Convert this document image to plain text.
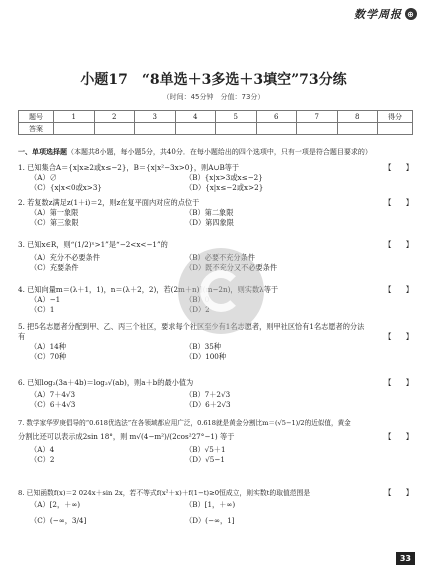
数学周报 ⊕
小题17　“8单选＋3多选＋3填空”73分练
（时间：45分钟　分值：73分）
题号	1	2	3	4	5	6	7	8	得分
答案									
一、单项选择题（本题共8小题，每小题5分，共40分．在每小题给出的四个选项中，只有一项是符合题目要求的）
1. 已知集合A＝{x|x≥2或x≤−2}，B＝{x|x²−3x>0}，则A∪B等于	【　　】
（A）∅	（B）{x|x>3或x≤−2}
（C）{x|x<0或x>3}	（D）{x|x≤−2或x>2}
2. 若复数z满足z(1＋i)＝2，则z在复平面内对应的点位于	【　　】
（A）第一象限	（B）第二象限
（C）第三象限	（D）第四象限
3. 已知x∈R，则“(1/2)ˣ>1”是“−2<x<−1”的	【　　】
（A）充分不必要条件	（B）必要不充分条件
（C）充要条件	（D）既不充分又不必要条件
4. 已知向量m＝(λ＋1，1)，n＝(λ＋2，2)，若(2m＋n)∥(m−2n)，则实数λ等于	【　　】
（A）−1	（B）0
（C）1	（D）2
5. 把5名志愿者分配到甲、乙、丙三个社区，要求每个社区至少有1名志愿者，则甲社区恰有1名志愿者的分法
有	【　　】
（A）14种	（B）35种
（C）70种	（D）100种
6. 已知log₂(3a＋4b)＝log₂√(ab)，则a＋b的最小值为	【　　】
（A）7＋4√3	（B）7＋2√3
（C）6＋4√3	（D）6＋2√3
7. 数学家华罗庚倡导的“0.618优选法”在各领域都应用广泛，0.618就是黄金分割比m＝(√5−1)/2的近似值，黄金
分割比还可以表示成2sin 18°，则 m√(4−m²)/(2cos²27°−1) 等于	【　　】
（A）4	（B）√5＋1
（C）2	（D）√5−1
8. 已知函数f(x)＝2 024x＋sin 2x，若不等式f(x²＋x)＋f(1−t)≥0恒成立，则实数t的取值范围是	【　　】
（A）[2，＋∞)	（B）[1，＋∞)
（C）(−∞，3/4]	（D）(−∞，1]
33
